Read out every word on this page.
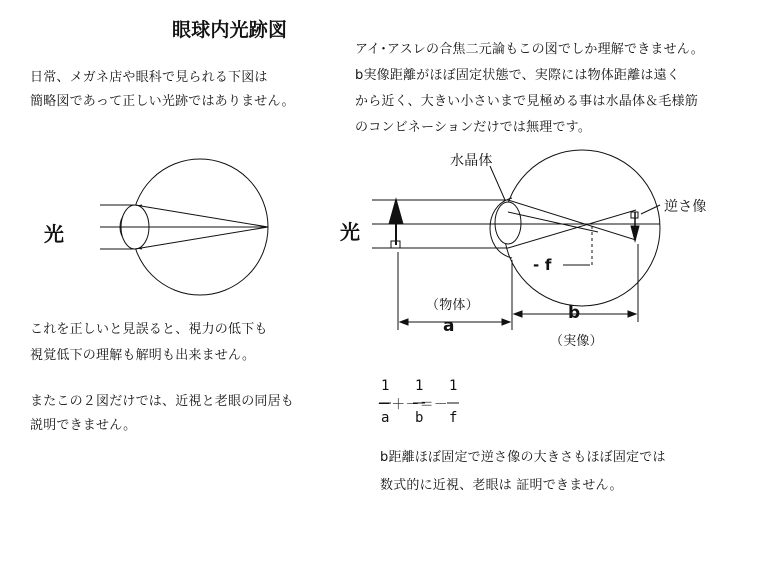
眼球内光跡図
日常、メガネ店や眼科で見られる下図は
簡略図であって正しい光跡ではありません。
光
これを正しいと見誤ると、視力の低下も
視覚低下の理解も解明も出来ません。
またこの２図だけでは、近視と老眼の同居も
説明できません。
アイ･アスレの合焦二元論もこの図でしか理解できません。
b実像距離がほぼ固定状態で、実際には物体距離は遠く
から近く、大きい小さいまで見極める事は水晶体＆毛様筋
のコンビネーションだけでは無理です。
光
水晶体
逆さ像
- f
（物体）
a
b
（実像）
1 1 1
－＋－＝－
a b f
b距離ほぼ固定で逆さ像の大きさもほぼ固定では
数式的に近視、老眼は 証明できません。
